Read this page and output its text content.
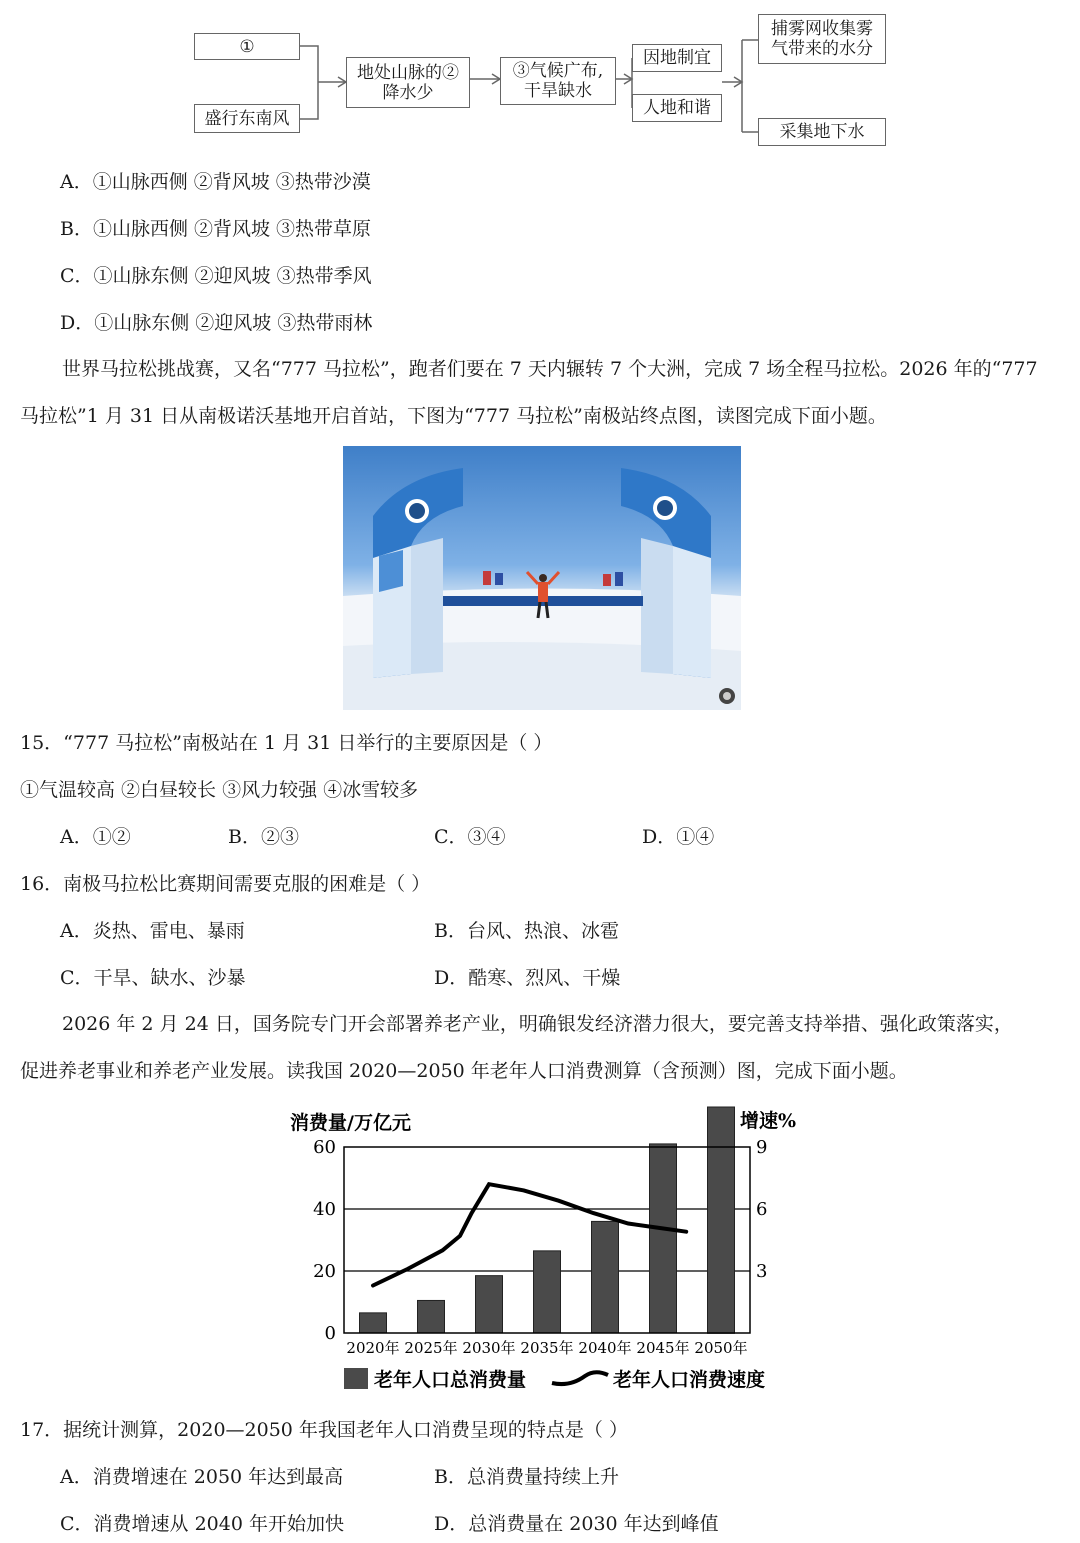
①
盛行东南风
地处山脉的②
降水少
③气候广布,
干旱缺水
因地制宜
人地和谐
捕雾网收集雾
气带来的水分
采集地下水
A．①山脉西侧 ②背风坡 ③热带沙漠
B．①山脉西侧 ②背风坡 ③热带草原
C．①山脉东侧 ②迎风坡 ③热带季风
D．①山脉东侧 ②迎风坡 ③热带雨林
世界马拉松挑战赛，又名“777 马拉松”，跑者们要在 7 天内辗转 7 个大洲，完成 7 场全程马拉松。2026 年的“777
马拉松”1 月 31 日从南极诺沃基地开启首站，下图为“777 马拉松”南极站终点图，读图完成下面小题。
15．“777 马拉松”南极站在 1 月 31 日举行的主要原因是（ ）
①气温较高 ②白昼较长 ③风力较强 ④冰雪较多
A．①②	B．②③	C．③④	D．①④
16．南极马拉松比赛期间需要克服的困难是（ ）
A．炎热、雷电、暴雨	B．台风、热浪、冰雹
C．干旱、缺水、沙暴	D．酷寒、烈风、干燥
2026 年 2 月 24 日，国务院专门开会部署养老产业，明确银发经济潜力很大，要完善支持举措、强化政策落实，
促进养老事业和养老产业发展。读我国 2020—2050 年老年人口消费测算（含预测）图，完成下面小题。
消费量/万亿元	增速%
0
20
40
60
3
6
9
2020年 2025年 2030年 2035年 2040年 2045年 2050年
老年人口总消费量	老年人口消费速度
17．据统计测算，2020—2050 年我国老年人口消费呈现的特点是（ ）
A．消费增速在 2050 年达到最高	B．总消费量持续上升
C．消费增速从 2040 年开始加快	D．总消费量在 2030 年达到峰值
